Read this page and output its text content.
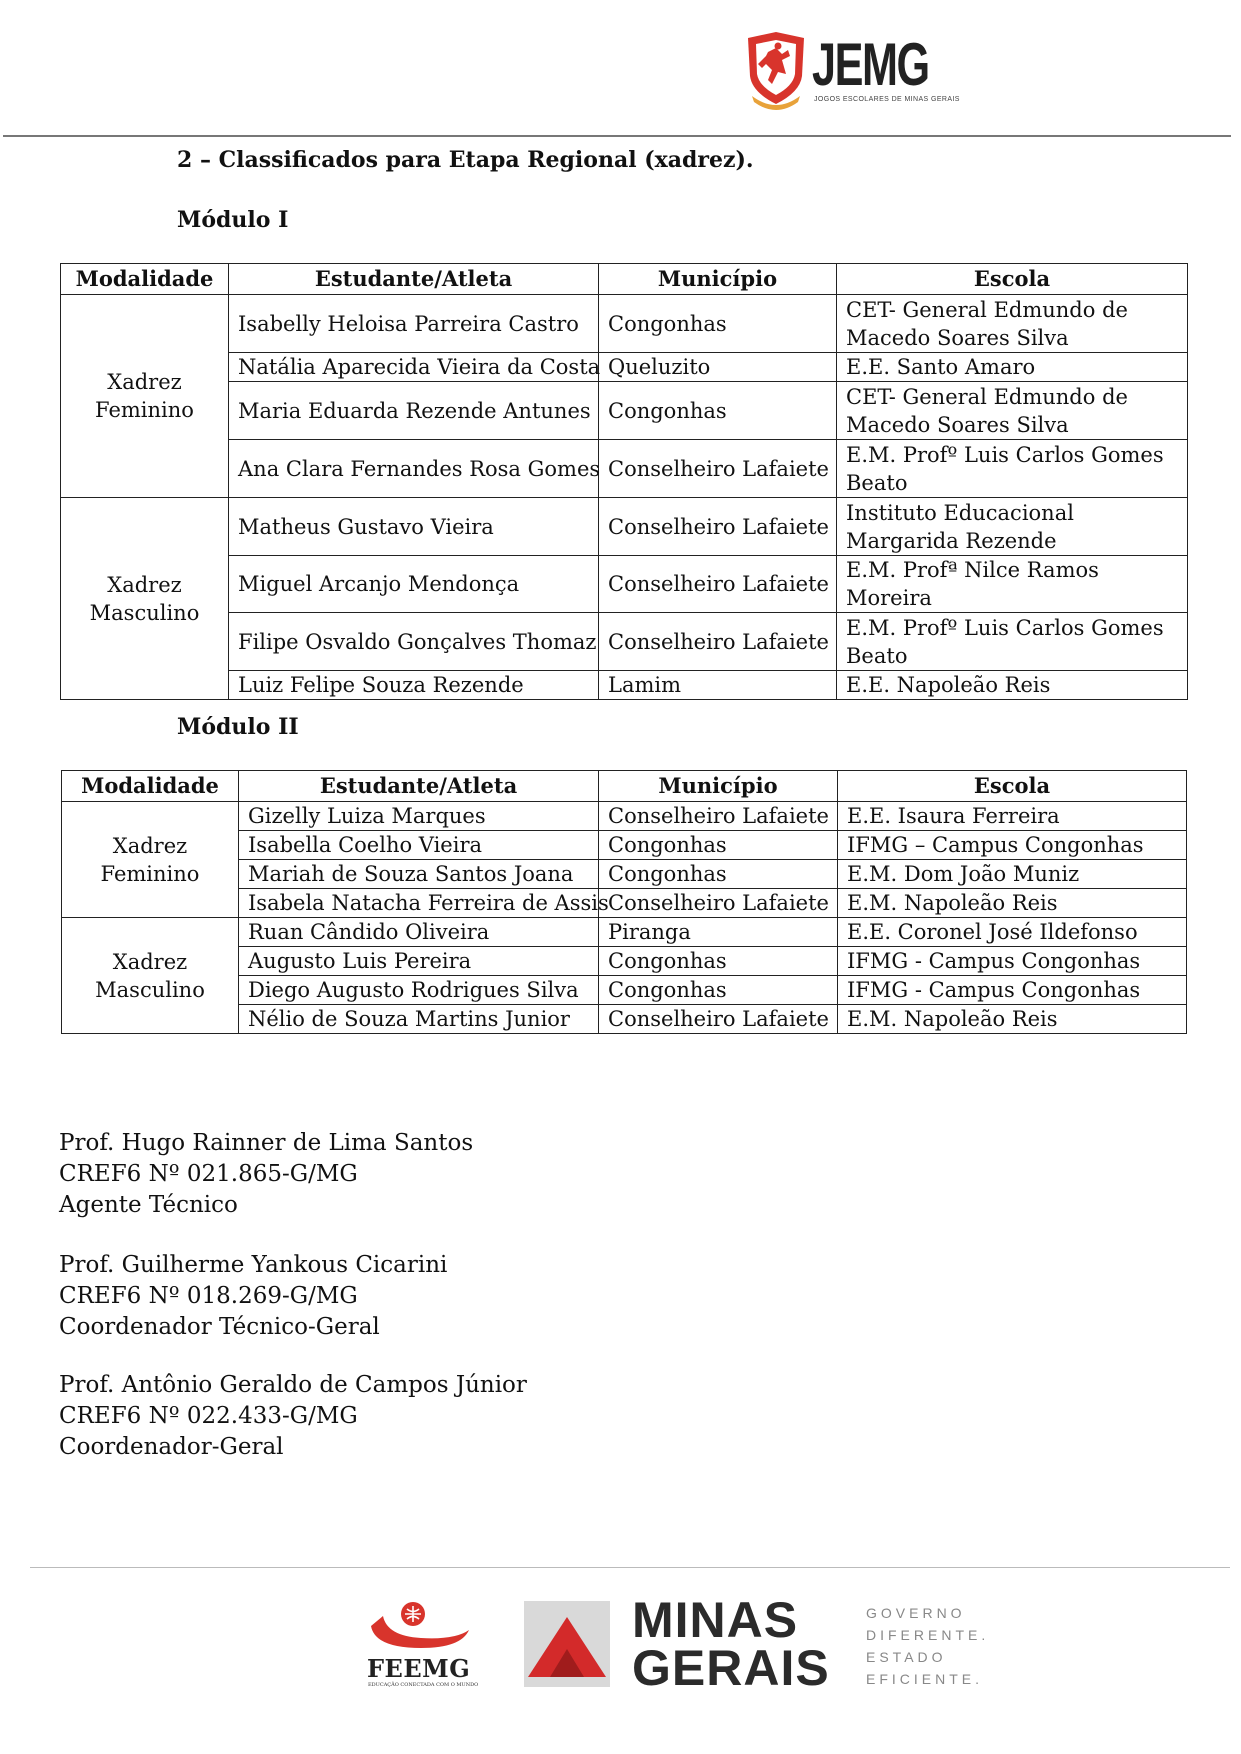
JEMG
JOGOS ESCOLARES DE MINAS GERAIS
2 – Classificados para Etapa Regional (xadrez).
Módulo I
Modalidade	Estudante/Atleta	Município	Escola
Xadrez Feminino	Isabelly Heloisa Parreira Castro	Congonhas	CET- General Edmundo de Macedo Soares Silva
	Natália Aparecida Vieira da Costa	Queluzito	E.E. Santo Amaro
	Maria Eduarda Rezende Antunes	Congonhas	CET- General Edmundo de Macedo Soares Silva
	Ana Clara Fernandes Rosa Gomes	Conselheiro Lafaiete	E.M. Profº Luis Carlos Gomes Beato
Xadrez Masculino	Matheus Gustavo Vieira	Conselheiro Lafaiete	Instituto Educacional Margarida Rezende
	Miguel Arcanjo Mendonça	Conselheiro Lafaiete	E.M. Profª Nilce Ramos Moreira
	Filipe Osvaldo Gonçalves Thomaz	Conselheiro Lafaiete	E.M. Profº Luis Carlos Gomes Beato
	Luiz Felipe Souza Rezende	Lamim	E.E. Napoleão Reis
Módulo II
Modalidade	Estudante/Atleta	Município	Escola
Xadrez Feminino	Gizelly Luiza Marques	Conselheiro Lafaiete	E.E. Isaura Ferreira
	Isabella Coelho Vieira	Congonhas	IFMG – Campus Congonhas
	Mariah de Souza Santos Joana	Congonhas	E.M. Dom João Muniz
	Isabela Natacha Ferreira de Assis	Conselheiro Lafaiete	E.M. Napoleão Reis
Xadrez Masculino	Ruan Cândido Oliveira	Piranga	E.E. Coronel José Ildefonso
	Augusto Luis Pereira	Congonhas	IFMG - Campus Congonhas
	Diego Augusto Rodrigues Silva	Congonhas	IFMG - Campus Congonhas
	Nélio de Souza Martins Junior	Conselheiro Lafaiete	E.M. Napoleão Reis
Prof. Hugo Rainner de Lima Santos
CREF6 Nº 021.865-G/MG
Agente Técnico
Prof. Guilherme Yankous Cicarini
CREF6 Nº 018.269-G/MG
Coordenador Técnico-Geral
Prof. Antônio Geraldo de Campos Júnior
CREF6 Nº 022.433-G/MG
Coordenador-Geral
FEEMG
EDUCAÇÃO CONECTADA COM O MUNDO
MINAS
GERAIS
GOVERNO
DIFERENTE.
ESTADO
EFICIENTE.
